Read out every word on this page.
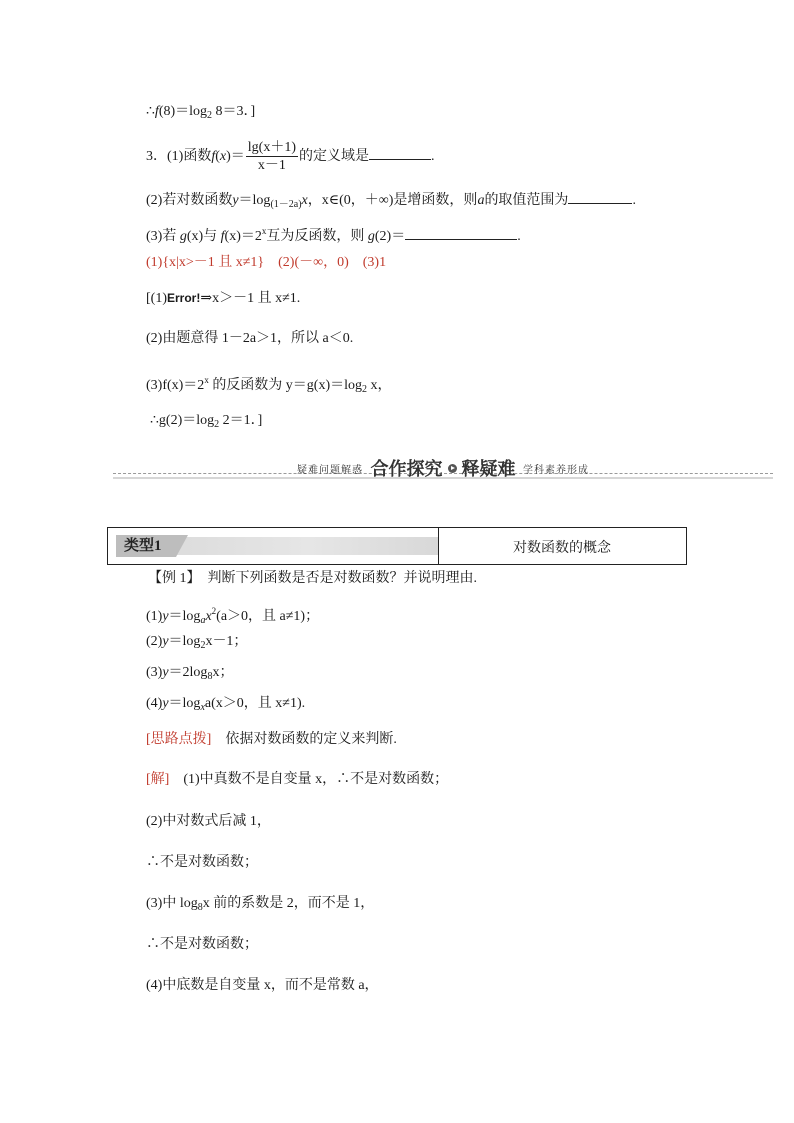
$\therefore f(8)=\log_2$ 8＝3．]
3．(1)函数$f(x)= \frac{\lg(x+1)}{x-1}$ 的定义域是	.
(2)若对数函数$y=\log_{(1-2a)}x$，x∈(0，＋∞)是增函数，则a的取值范围为	.
(3)若 g(x)与 $f(x)=2^x$互为反函数，则 g(2)＝	.
(1){x|x>－1 且 x≠1}　(2)(－∞，0)　(3)1
[(1)Error!⇒x＞－1 且 x≠1.
(2)由题意得 1－2a＞1，所以 a＜0.
$(3)f(x)=2^x$ 的反函数为 $y=g(x)=\log_2$ x，
$\therefore g(2)=\log_2$ 2＝1．]
疑难问题解惑 合作探究 释疑难 学科素养形成
类型1	对数函数的概念
【例 1】　判断下列函数是否是对数函数？并说明理由.
$(1)y=\log_ax^2(a>0$，且 a≠1)；
$(2)y=\log_2x-1$；
$(3)y=2\log_8x$；
$(4)y=\log_xa(x>0$，且 x≠1).
[思路点拨]　依据对数函数的定义来判断.
[解]　(1)中真数不是自变量 x，∴不是对数函数；
(2)中对数式后减 1，
∴不是对数函数；
(3)中 $\log_8x$ 前的系数是 2，而不是 1，
∴不是对数函数；
(4)中底数是自变量 x，而不是常数 a，
